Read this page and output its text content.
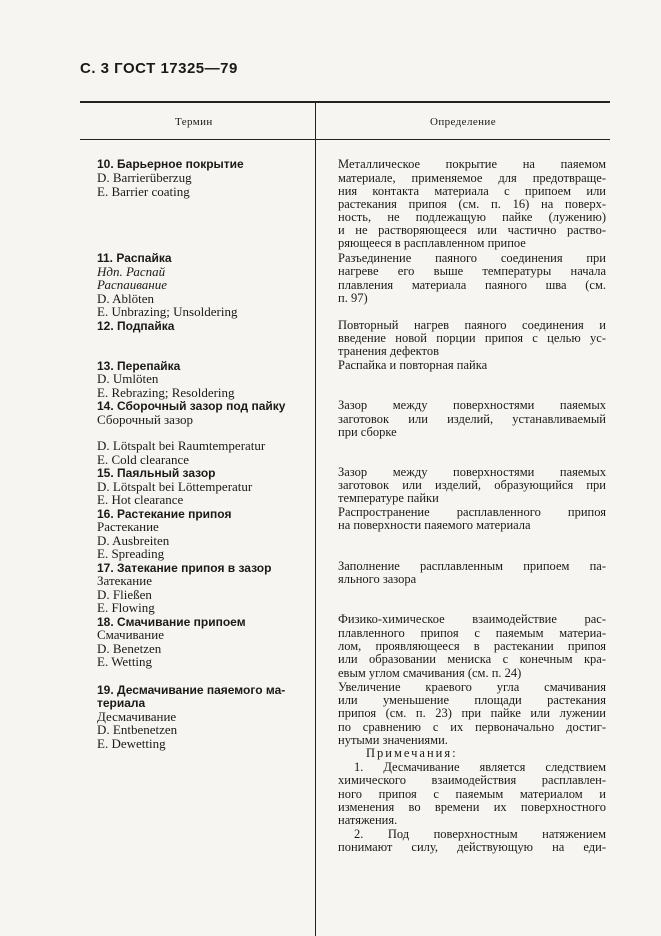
С. 3 ГОСТ 17325—79
Термин	Определение
10. Барьерное покрытие
D. Barrierüberzug
E. Barrier coating
11. Распайка
Ндп. Распай
Распаивание
D. Ablöten
E. Unbrazing; Unsoldering
12. Подпайка
13. Перепайка
D. Umlöten
E. Rebrazing; Resoldering
14. Сборочный зазор под пайку
Сборочный зазор
D. Lötspalt bei Raumtemperatur
E. Cold clearance
15. Паяльный зазор
D. Lötspalt bei Löttemperatur
E. Hot clearance
16. Растекание припоя
Растекание
D. Ausbreiten
E. Spreading
17. Затекание припоя в зазор
Затекание
D. Fließen
E. Flowing
18. Смачивание припоем
Смачивание
D. Benetzen
E. Wetting
19. Десмачивание паяемого ма-
териала
Десмачивание
D. Entbenetzen
E. Dewetting
Металлическое покрытие на паяемом
материале, применяемое для предотвраще-
ния контакта материала с припоем или
растекания припоя (см. п. 16) на поверх-
ность, не подлежащую пайке (лужению)
и не растворяющееся или частично раство-
ряющееся в расплавленном припое
Разъединение паяного соединения при
нагреве его выше температуры начала
плавления материала паяного шва (см.
п. 97)
Повторный нагрев паяного соединения и
введение новой порции припоя с целью ус-
транения дефектов
Распайка и повторная пайка
Зазор между поверхностями паяемых
заготовок или изделий, устанавливаемый
при сборке
Зазор между поверхностями паяемых
заготовок или изделий, образующийся при
температуре пайки
Распространение расплавленного припоя
на поверхности паяемого материала
Заполнение расплавленным припоем па-
яльного зазора
Физико-химическое взаимодействие рас-
плавленного припоя с паяемым материа-
лом, проявляющееся в растекании припоя
или образовании мениска с конечным кра-
евым углом смачивания (см. п. 24)
Увеличение краевого угла смачивания
или уменьшение площади растекания
припоя (см. п. 23) при пайке или лужении
по сравнению с их первоначально достиг-
нутыми значениями.
Примечания:
1. Десмачивание является следствием
химического взаимодействия расплавлен-
ного припоя с паяемым материалом и
изменения во времени их поверхностного
натяжения.
2. Под поверхностным натяжением
понимают силу, действующую на еди-
